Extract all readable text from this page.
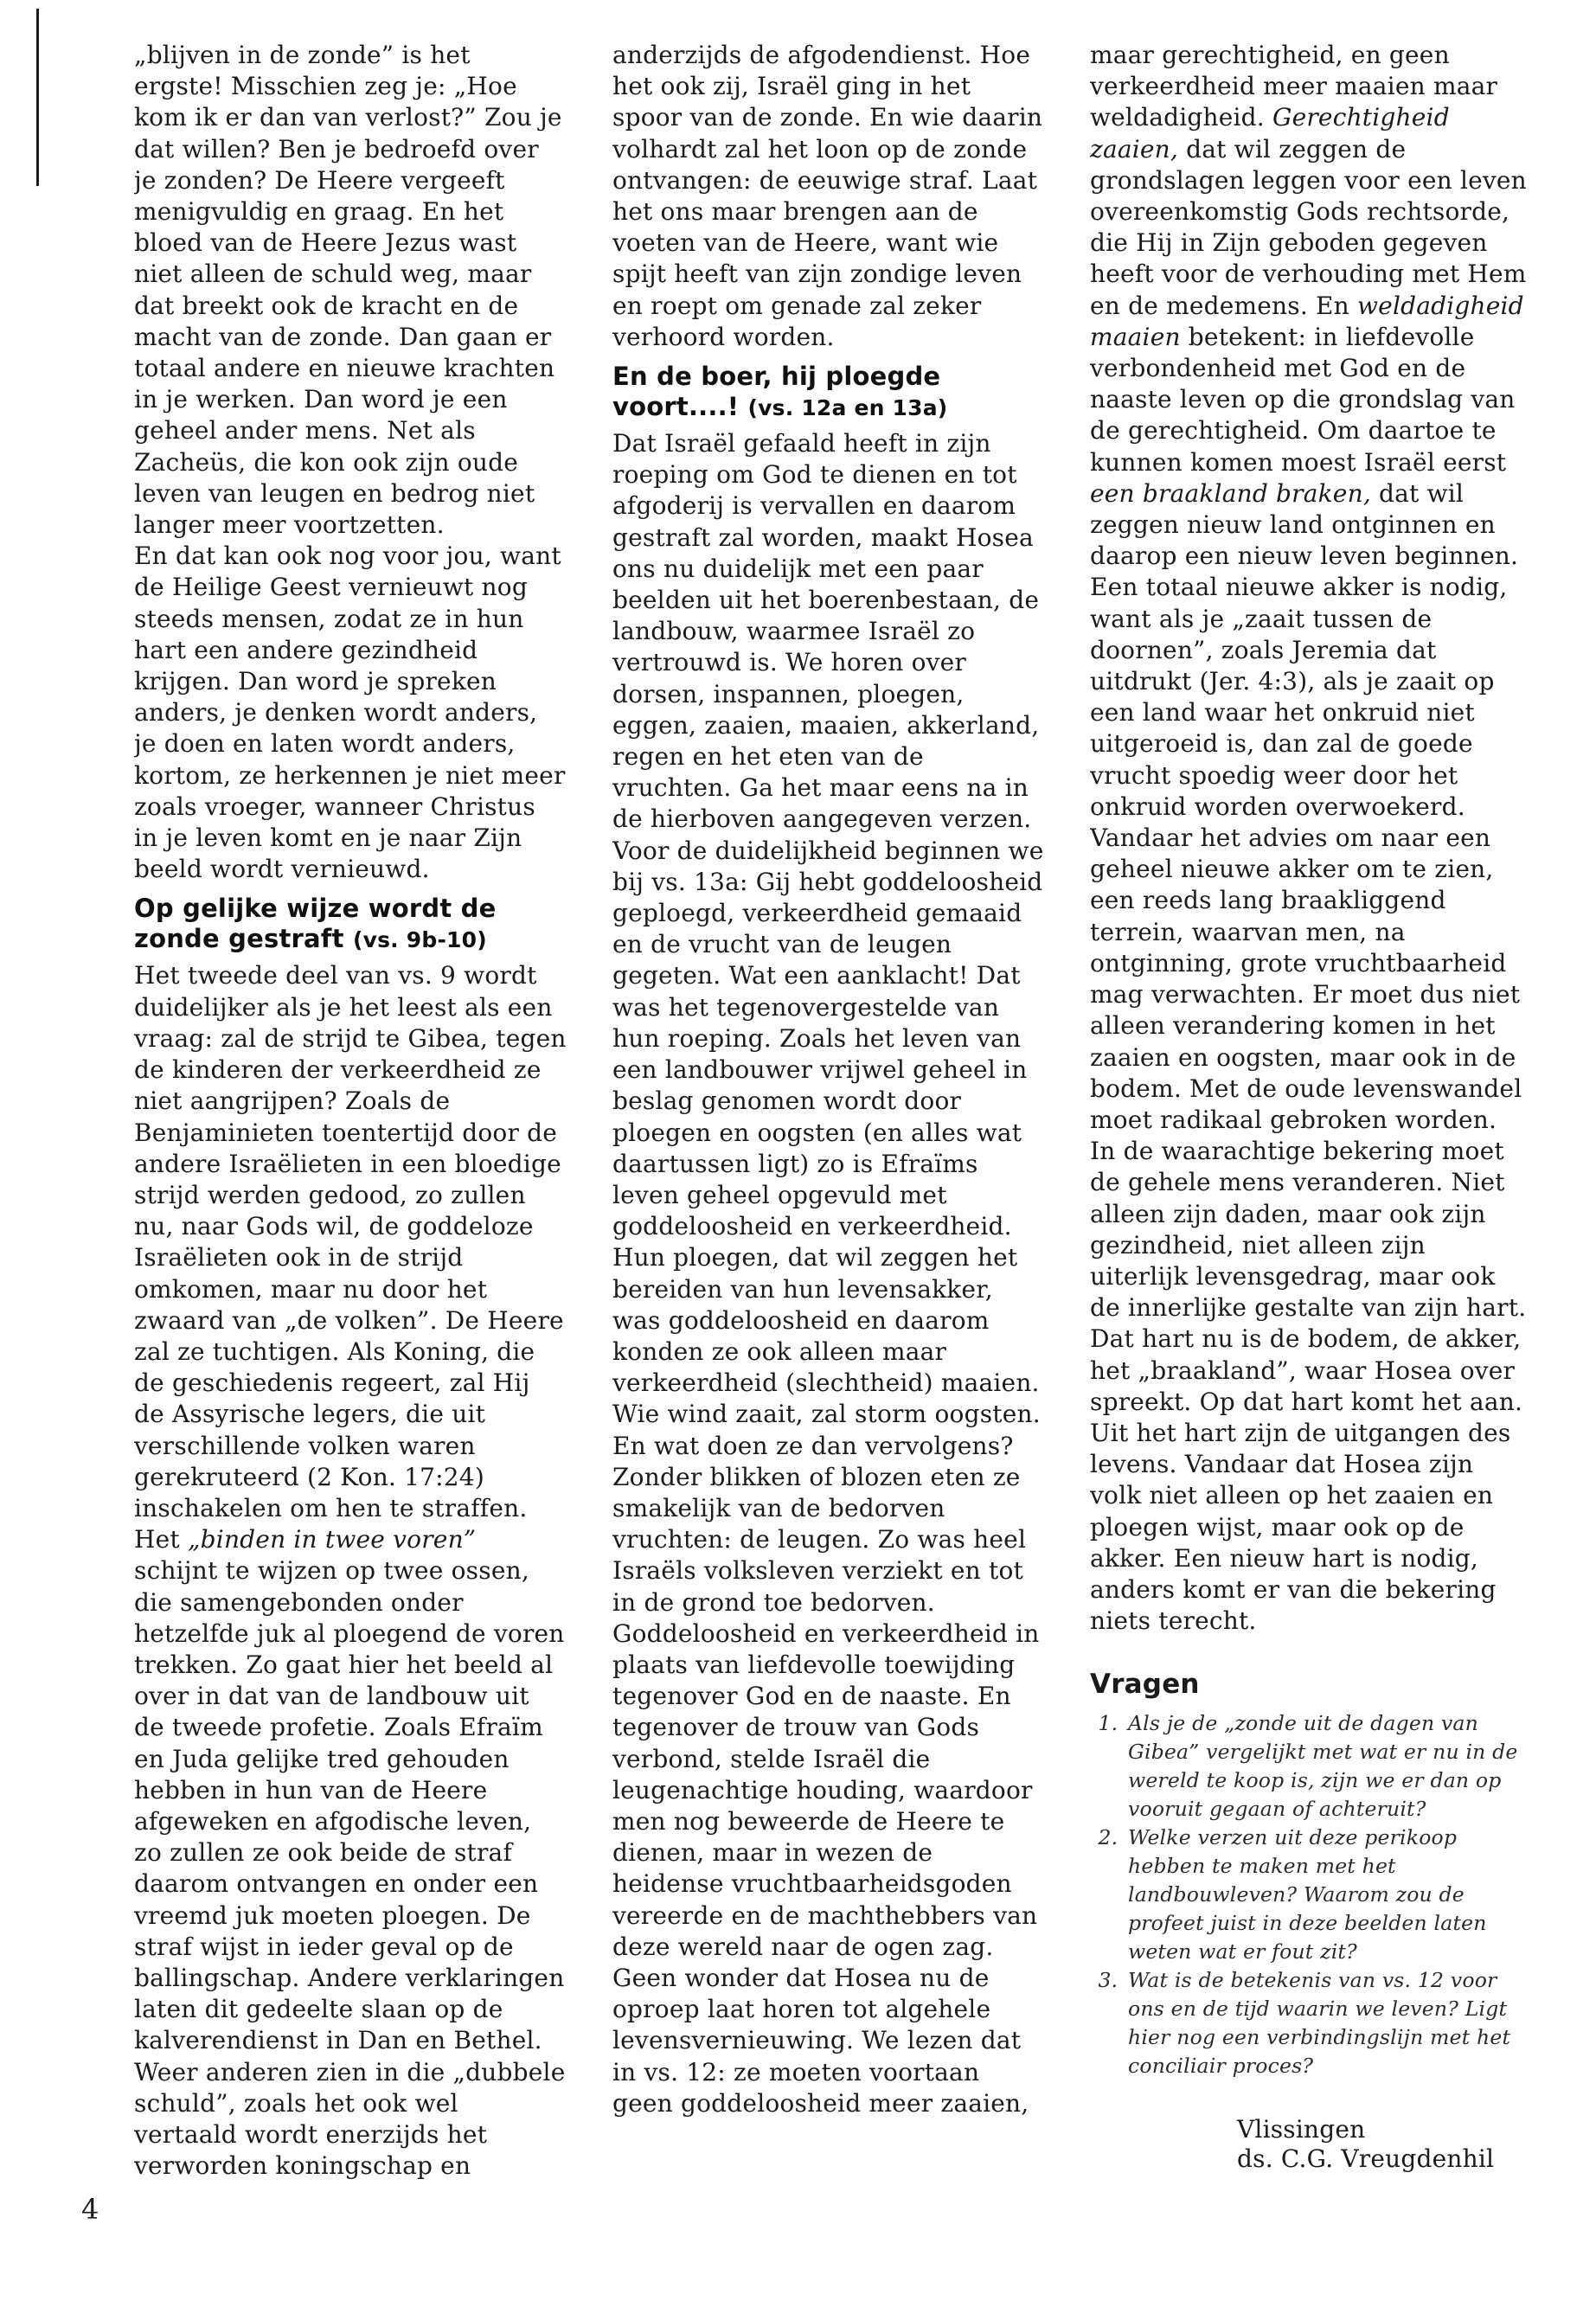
„blijven in de zonde” is het ergste! Misschien zeg je: „Hoe kom ik er dan van verlost?” Zou je dat willen? Ben je bedroefd over je zonden? De Heere vergeeft menigvuldig en graag. En het bloed van de Heere Jezus wast niet alleen de schuld weg, maar dat breekt ook de kracht en de macht van de zonde. Dan gaan er totaal andere en nieuwe krachten in je werken. Dan word je een geheel ander mens. Net als Zacheüs, die kon ook zijn oude leven van leugen en bedrog niet langer meer voortzetten.

En dat kan ook nog voor jou, want de Heilige Geest vernieuwt nog steeds mensen, zodat ze in hun hart een andere gezindheid krijgen. Dan word je spreken anders, je denken wordt anders, je doen en laten wordt anders, kortom, ze herkennen je niet meer zoals vroeger, wanneer Christus in je leven komt en je naar Zijn beeld wordt vernieuwd.

Op gelijke wijze wordt de zonde gestraft (vs. 9b-10)

Het tweede deel van vs. 9 wordt duidelijker als je het leest als een vraag: zal de strijd te Gibea, tegen de kinderen der verkeerdheid ze niet aangrijpen? Zoals de Benjaminieten toentertijd door de andere Israëlieten in een bloedige strijd werden gedood, zo zullen nu, naar Gods wil, de goddeloze Israëlieten ook in de strijd omkomen, maar nu door het zwaard van „de volken”. De Heere zal ze tuchtigen. Als Koning, die de geschiedenis regeert, zal Hij de Assyrische legers, die uit verschillende volken waren gerekruteerd (2 Kon. 17:24) inschakelen om hen te straffen.

Het „binden in twee voren” schijnt te wijzen op twee ossen, die samengebonden onder hetzelfde juk al ploegend de voren trekken. Zo gaat hier het beeld al over in dat van de landbouw uit de tweede profetie. Zoals Efraïm en Juda gelijke tred gehouden hebben in hun van de Heere afgeweken en afgodische leven, zo zullen ze ook beide de straf daarom ontvangen en onder een vreemd juk moeten ploegen. De straf wijst in ieder geval op de ballingschap. Andere verklaringen laten dit gedeelte slaan op de kalverendienst in Dan en Bethel. Weer anderen zien in die „dubbele schuld”, zoals het ook wel vertaald wordt enerzijds het verworden koningschap en

anderzijds de afgodendienst. Hoe het ook zij, Israël ging in het spoor van de zonde. En wie daarin volhardt zal het loon op de zonde ontvangen: de eeuwige straf. Laat het ons maar brengen aan de voeten van de Heere, want wie spijt heeft van zijn zondige leven en roept om genade zal zeker verhoord worden.

En de boer, hij ploegde voort....! (vs. 12a en 13a)

Dat Israël gefaald heeft in zijn roeping om God te dienen en tot afgoderij is vervallen en daarom gestraft zal worden, maakt Hosea ons nu duidelijk met een paar beelden uit het boerenbestaan, de landbouw, waarmee Israël zo vertrouwd is. We horen over dorsen, inspannen, ploegen, eggen, zaaien, maaien, akkerland, regen en het eten van de vruchten. Ga het maar eens na in de hierboven aangegeven verzen. Voor de duidelijkheid beginnen we bij vs. 13a: Gij hebt goddeloosheid geploegd, verkeerdheid gemaaid en de vrucht van de leugen gegeten. Wat een aanklacht! Dat was het tegenovergestelde van hun roeping. Zoals het leven van een landbouwer vrijwel geheel in beslag genomen wordt door ploegen en oogsten (en alles wat daartussen ligt) zo is Efraïms leven geheel opgevuld met goddeloosheid en verkeerdheid. Hun ploegen, dat wil zeggen het bereiden van hun levensakker, was goddeloosheid en daarom konden ze ook alleen maar verkeerdheid (slechtheid) maaien. Wie wind zaait, zal storm oogsten. En wat doen ze dan vervolgens? Zonder blikken of blozen eten ze smakelijk van de bedorven vruchten: de leugen. Zo was heel Israëls volksleven verziekt en tot in de grond toe bedorven. Goddeloosheid en verkeerdheid in plaats van liefdevolle toewijding tegenover God en de naaste. En tegenover de trouw van Gods verbond, stelde Israël die leugenachtige houding, waardoor men nog beweerde de Heere te dienen, maar in wezen de heidense vruchtbaarheidsgoden vereerde en de machthebbers van deze wereld naar de ogen zag.

Geen wonder dat Hosea nu de oproep laat horen tot algehele levensvernieuwing. We lezen dat in vs. 12: ze moeten voortaan geen goddeloosheid meer zaaien,

maar gerechtigheid, en geen verkeerdheid meer maaien maar weldadigheid. Gerechtigheid zaaien, dat wil zeggen de grondslagen leggen voor een leven overeenkomstig Gods rechtsorde, die Hij in Zijn geboden gegeven heeft voor de verhouding met Hem en de medemens. En weldadigheid maaien betekent: in liefdevolle verbondenheid met God en de naaste leven op die grondslag van de gerechtigheid. Om daartoe te kunnen komen moest Israël eerst een braakland braken, dat wil zeggen nieuw land ontginnen en daarop een nieuw leven beginnen.

Een totaal nieuwe akker is nodig, want als je „zaait tussen de doornen”, zoals Jeremia dat uitdrukt (Jer. 4:3), als je zaait op een land waar het onkruid niet uitgeroeid is, dan zal de goede vrucht spoedig weer door het onkruid worden overwoekerd. Vandaar het advies om naar een geheel nieuwe akker om te zien, een reeds lang braakliggend terrein, waarvan men, na ontginning, grote vruchtbaarheid mag verwachten. Er moet dus niet alleen verandering komen in het zaaien en oogsten, maar ook in de bodem. Met de oude levenswandel moet radikaal gebroken worden. In de waarachtige bekering moet de gehele mens veranderen. Niet alleen zijn daden, maar ook zijn gezindheid, niet alleen zijn uiterlijk levensgedrag, maar ook de innerlijke gestalte van zijn hart. Dat hart nu is de bodem, de akker, het „braakland”, waar Hosea over spreekt. Op dat hart komt het aan. Uit het hart zijn de uitgangen des levens. Vandaar dat Hosea zijn volk niet alleen op het zaaien en ploegen wijst, maar ook op de akker. Een nieuw hart is nodig, anders komt er van die bekering niets terecht.

Vragen
1. Als je de „zonde uit de dagen van Gibea” vergelijkt met wat er nu in de wereld te koop is, zijn we er dan op vooruit gegaan of achteruit?
2. Welke verzen uit deze perikoop hebben te maken met het landbouwleven? Waarom zou de profeet juist in deze beelden laten weten wat er fout zit?
3. Wat is de betekenis van vs. 12 voor ons en de tijd waarin we leven? Ligt hier nog een verbindingslijn met het conciliair proces?
Vlissingen
ds. C.G. Vreugdenhil
4
